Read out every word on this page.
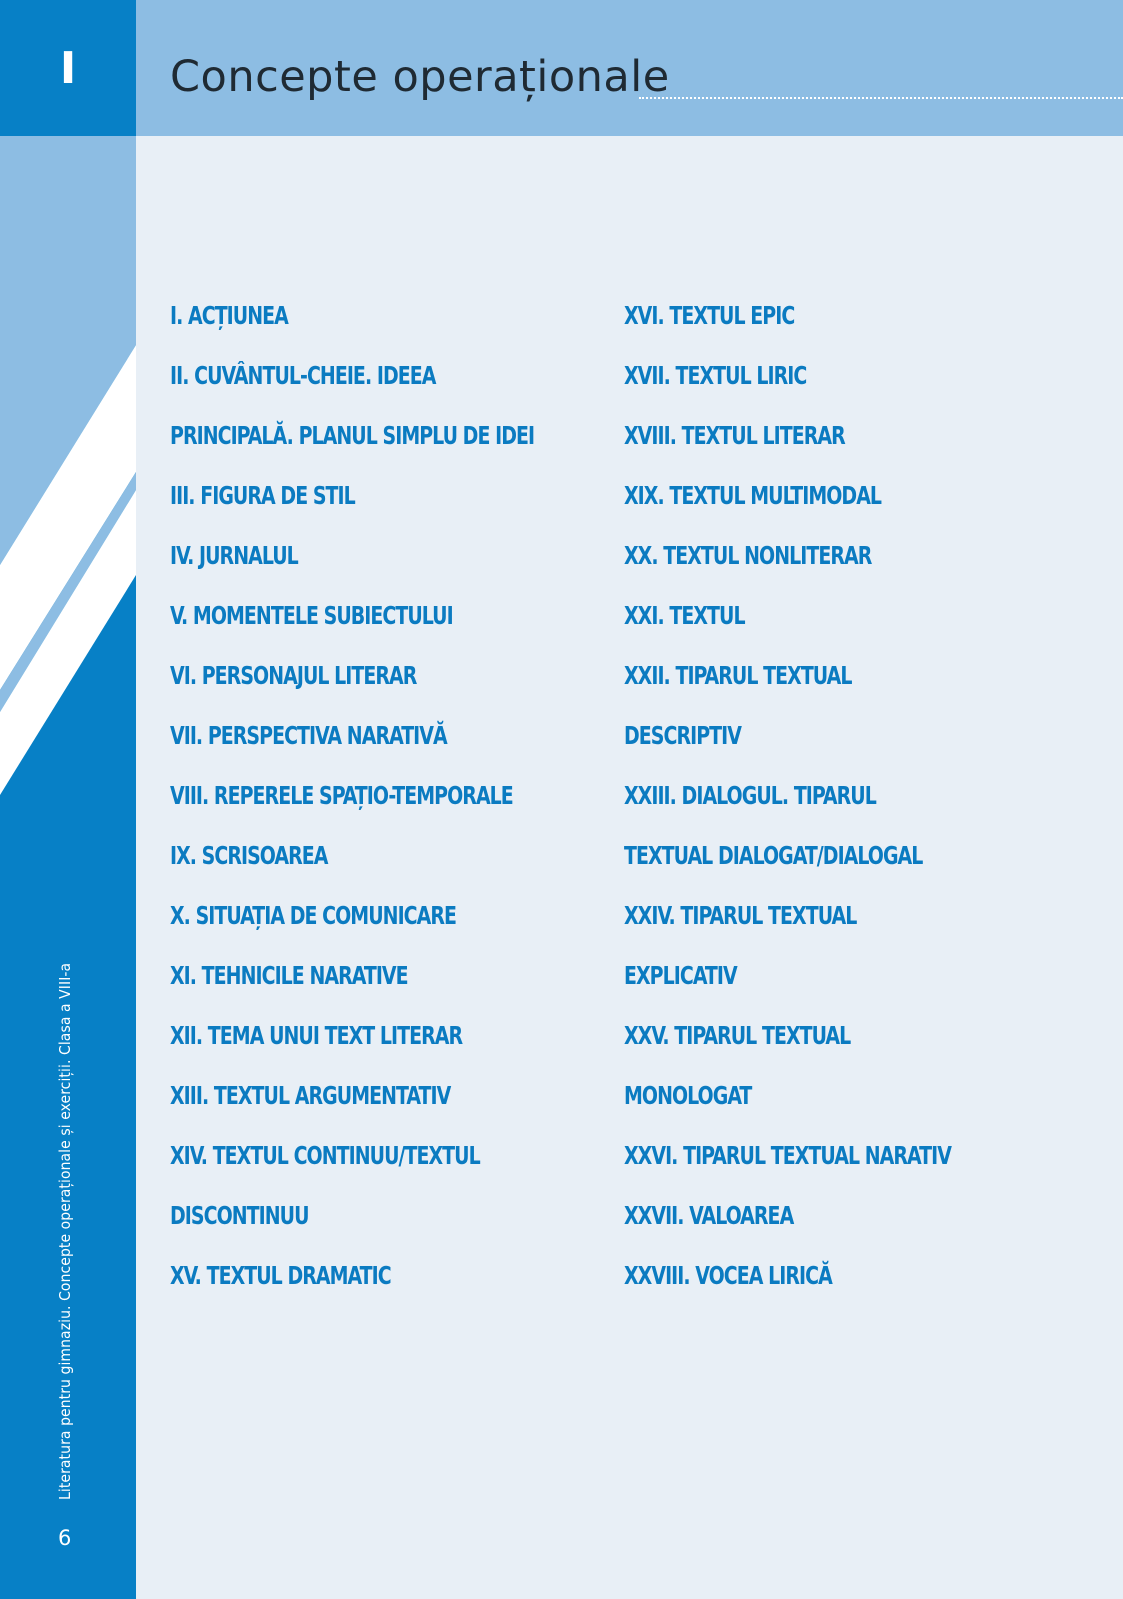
Literatura pentru gimnaziu. Concepte operaționale și exerciții. Clasa a VIII-a
6
I	Concepte operaționale
I. ACȚIUNEA
II. CUVÂNTUL-CHEIE. IDEEA
PRINCIPALĂ. PLANUL SIMPLU DE IDEI
III. FIGURA DE STIL
IV. JURNALUL
V. MOMENTELE SUBIECTULUI
VI. PERSONAJUL LITERAR
VII. PERSPECTIVA NARATIVĂ
VIII. REPERELE SPAȚIO-TEMPORALE
IX. SCRISOAREA
X. SITUAȚIA DE COMUNICARE
XI. TEHNICILE NARATIVE
XII. TEMA UNUI TEXT LITERAR
XIII. TEXTUL ARGUMENTATIV
XIV. TEXTUL CONTINUU/TEXTUL
DISCONTINUU
XV. TEXTUL DRAMATIC
XVI. TEXTUL EPIC
XVII. TEXTUL LIRIC
XVIII. TEXTUL LITERAR
XIX. TEXTUL MULTIMODAL
XX. TEXTUL NONLITERAR
XXI. TEXTUL
XXII. TIPARUL TEXTUAL
DESCRIPTIV
XXIII. DIALOGUL. TIPARUL
TEXTUAL DIALOGAT/DIALOGAL
XXIV. TIPARUL TEXTUAL
EXPLICATIV
XXV. TIPARUL TEXTUAL
MONOLOGAT
XXVI. TIPARUL TEXTUAL NARATIV
XXVII. VALOAREA
XXVIII. VOCEA LIRICĂ
